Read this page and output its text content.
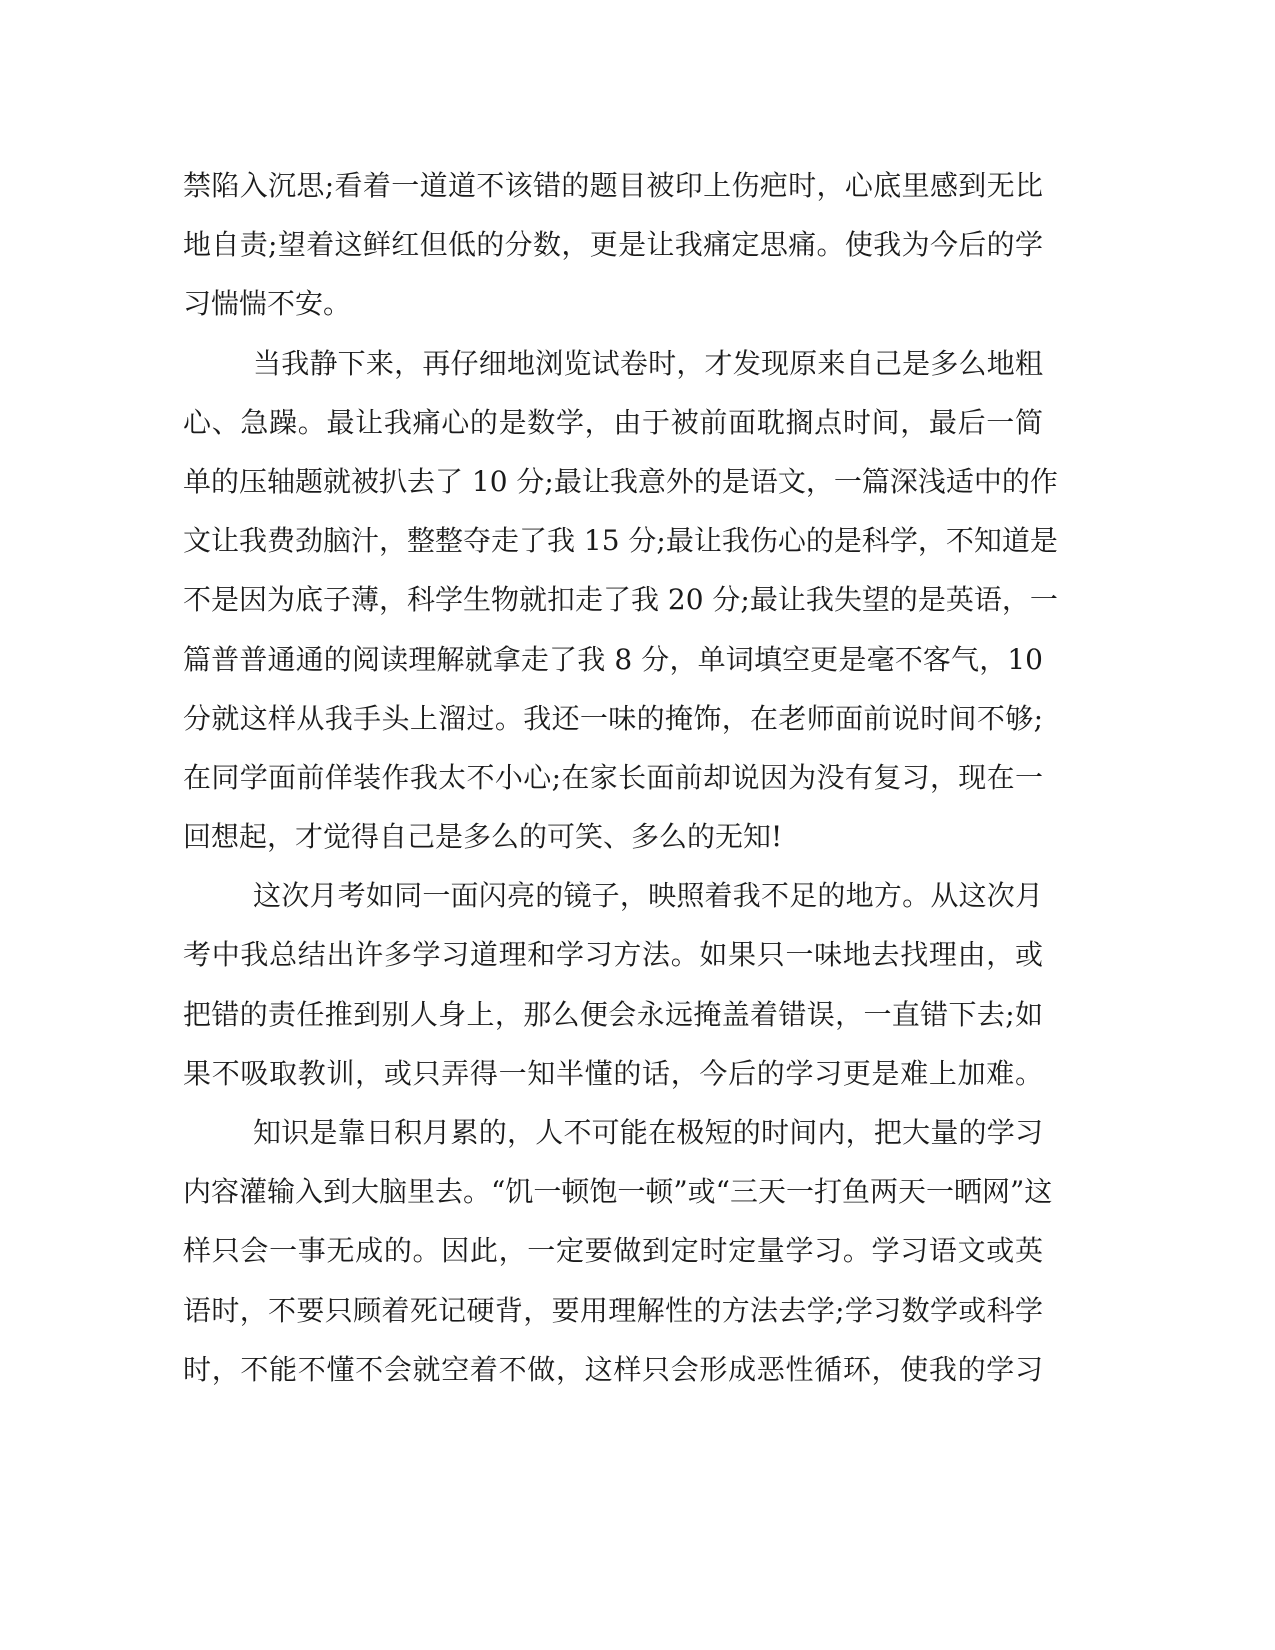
禁陷入沉思;看着一道道不该错的题目被印上伤疤时，心底里感到无比
地自责;望着这鲜红但低的分数，更是让我痛定思痛。使我为今后的学
习惴惴不安。
当我静下来，再仔细地浏览试卷时，才发现原来自己是多么地粗
心、急躁。最让我痛心的是数学，由于被前面耽搁点时间，最后一简
单的压轴题就被扒去了 10 分;最让我意外的是语文，一篇深浅适中的作
文让我费劲脑汁，整整夺走了我 15 分;最让我伤心的是科学，不知道是
不是因为底子薄，科学生物就扣走了我 20 分;最让我失望的是英语，一
篇普普通通的阅读理解就拿走了我 8 分，单词填空更是毫不客气，10
分就这样从我手头上溜过。我还一味的掩饰，在老师面前说时间不够;
在同学面前佯装作我太不小心;在家长面前却说因为没有复习，现在一
回想起，才觉得自己是多么的可笑、多么的无知!
这次月考如同一面闪亮的镜子，映照着我不足的地方。从这次月
考中我总结出许多学习道理和学习方法。如果只一味地去找理由，或
把错的责任推到别人身上，那么便会永远掩盖着错误，一直错下去;如
果不吸取教训，或只弄得一知半懂的话，今后的学习更是难上加难。
知识是靠日积月累的，人不可能在极短的时间内，把大量的学习
内容灌输入到大脑里去。“饥一顿饱一顿”或“三天一打鱼两天一晒网”这
样只会一事无成的。因此，一定要做到定时定量学习。学习语文或英
语时，不要只顾着死记硬背，要用理解性的方法去学;学习数学或科学
时，不能不懂不会就空着不做，这样只会形成恶性循环，使我的学习
